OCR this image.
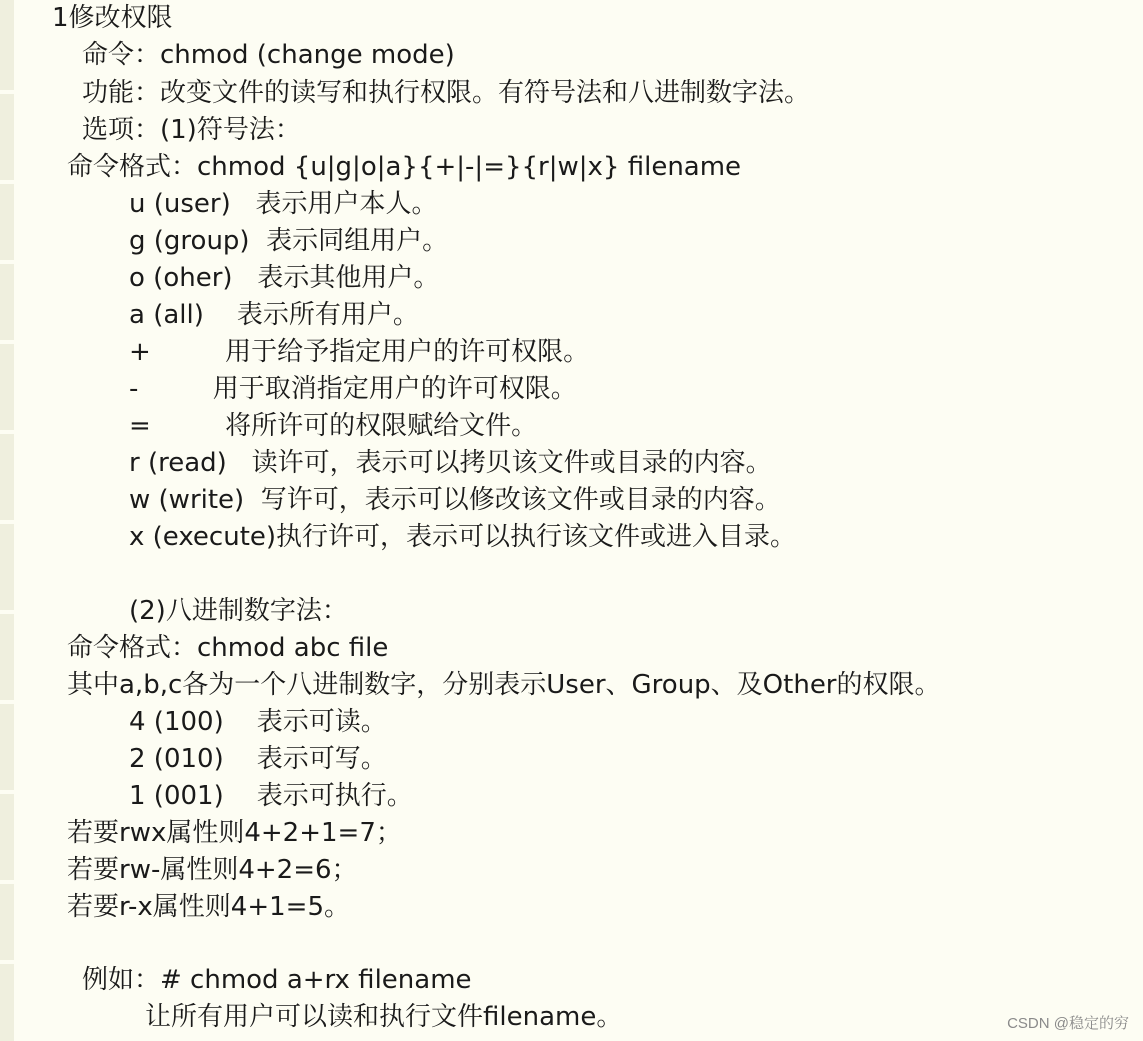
1修改权限
命令：chmod (change mode)
功能：改变文件的读写和执行权限。有符号法和八进制数字法。
选项：(1)符号法：
命令格式：chmod {u|g|o|a}{+|-|=}{r|w|x} filename
u (user)   表示用户本人。
g (group)  表示同组用户。
o (oher)   表示其他用户。
a (all)    表示所有用户。
+         用于给予指定用户的许可权限。
-         用于取消指定用户的许可权限。
=         将所许可的权限赋给文件。
r (read)   读许可，表示可以拷贝该文件或目录的内容。
w (write)  写许可，表示可以修改该文件或目录的内容。
x (execute)执行许可，表示可以执行该文件或进入目录。
(2)八进制数字法：
命令格式：chmod abc file
其中a,b,c各为一个八进制数字，分别表示User、Group、及Other的权限。
4 (100)    表示可读。
2 (010)    表示可写。
1 (001)    表示可执行。
若要rwx属性则4+2+1=7；
若要rw-属性则4+2=6；
若要r-x属性则4+1=5。
例如：# chmod a+rx filename
让所有用户可以读和执行文件filename。	CSDN @稳定的穷
